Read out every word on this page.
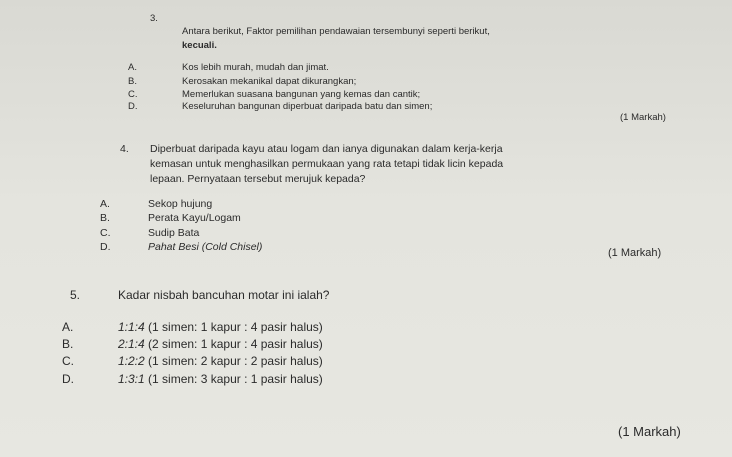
3.
Antara berikut, Faktor pemilihan pendawaian tersembunyi seperti berikut,
kecuali.
A.	Kos lebih murah, mudah dan jimat.
B.	Kerosakan mekanikal dapat dikurangkan;
C.	Memerlukan suasana bangunan yang kemas dan cantik;
D.	Keseluruhan bangunan diperbuat daripada batu dan simen;
(1 Markah)
4. Diperbuat daripada kayu atau logam dan ianya digunakan dalam kerja-kerja
kemasan untuk menghasilkan permukaan yang rata tetapi tidak licin kepada
lepaan. Pernyataan tersebut merujuk kepada?
A.	Sekop hujung
B.	Perata Kayu/Logam
C.	Sudip Bata
D.	Pahat Besi (Cold Chisel)	(1 Markah)
5.	Kadar nisbah bancuhan motar ini ialah?
A.	1:1:4 (1 simen: 1 kapur : 4 pasir halus)
B.	2:1:4 (2 simen: 1 kapur : 4 pasir halus)
C.	1:2:2 (1 simen: 2 kapur : 2 pasir halus)
D.	1:3:1 (1 simen: 3 kapur : 1 pasir halus)
(1 Markah)
